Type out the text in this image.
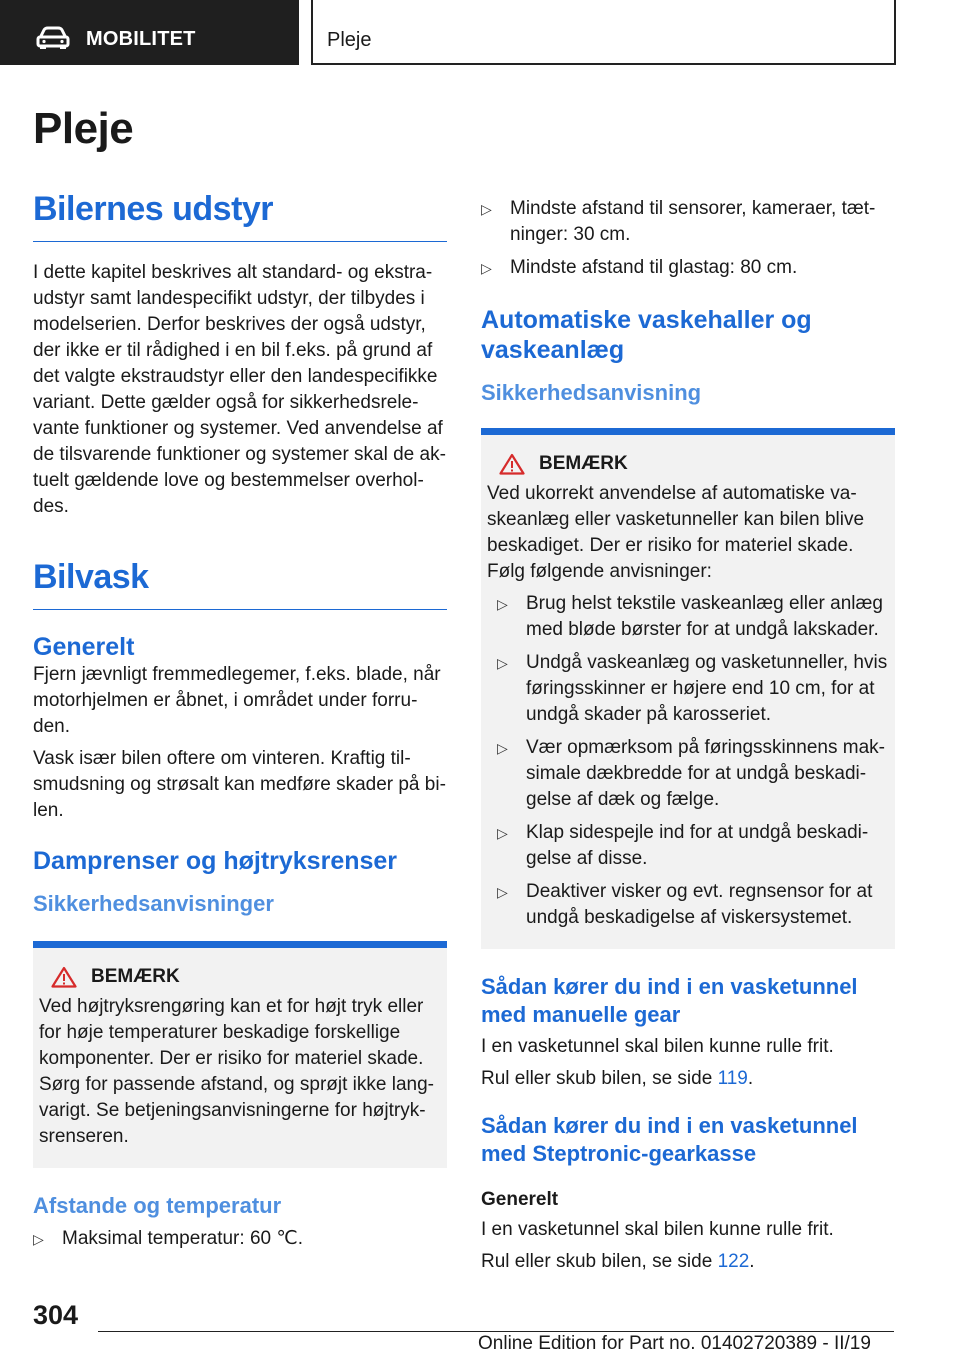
MOBILITET	Pleje
Pleje
Bilernes udstyr

I dette kapitel beskrives alt standard- og ekstra-udstyr samt landespecifikt udstyr, der tilbydes i modelserien. Derfor beskrives der også udstyr, der ikke er til rådighed i en bil f.eks. på grund af det valgte ekstraudstyr eller den landespecifikke variant. Dette gælder også for sikkerhedsrele-vante funktioner og systemer. Ved anvendelse af de tilsvarende funktioner og systemer skal de ak-tuelt gældende love og bestemmelser overhol-des.

Bilvask
Generelt

Fjern jævnligt fremmedlegemer, f.eks. blade, når motorhjelmen er åbnet, i området under forru-den.

Vask især bilen oftere om vinteren. Kraftig til-smudsning og strøsalt kan medføre skader på bi-len.

Damprenser og højtryksrenser
Sikkerhedsanvisninger
BEMÆRK

Ved højtryksrengøring kan et for højt tryk eller for høje temperaturer beskadige forskellige komponenter. Der er risiko for materiel skade. Sørg for passende afstand, og sprøjt ikke lang-varigt. Se betjeningsanvisningerne for højtryk-srenseren.

Afstande og temperatur
▷ Maksimal temperatur: 60 ℃.
▷ Mindste afstand til sensorer, kameraer, tæt-ninger: 30 cm.
▷ Mindste afstand til glastag: 80 cm.
Automatiske vaskehaller og vaskeanlæg
Sikkerhedsanvisning
BEMÆRK

Ved ukorrekt anvendelse af automatiske va-skeanlæg eller vasketunneller kan bilen blive beskadiget. Der er risiko for materiel skade. Følg følgende anvisninger:

▷ Brug helst tekstile vaskeanlæg eller anlæg med bløde børster for at undgå lakskader.
▷ Undgå vaskeanlæg og vasketunneller, hvis føringsskinner er højere end 10 cm, for at undgå skader på karosseriet.
▷ Vær opmærksom på føringsskinnens mak-simale dækbredde for at undgå beskadi-gelse af dæk og fælge.
▷ Klap sidespejle ind for at undgå beskadi-gelse af disse.
▷ Deaktiver visker og evt. regnsensor for at undgå beskadigelse af viskersystemet.
Sådan kører du ind i en vasketunnel med manuelle gear

I en vasketunnel skal bilen kunne rulle frit.

Rul eller skub bilen, se side 119.

Sådan kører du ind i en vasketunnel med Steptronic-gearkasse
Generelt

I en vasketunnel skal bilen kunne rulle frit.

Rul eller skub bilen, se side 122.

304
Online Edition for Part no. 01402720389 - II/19
